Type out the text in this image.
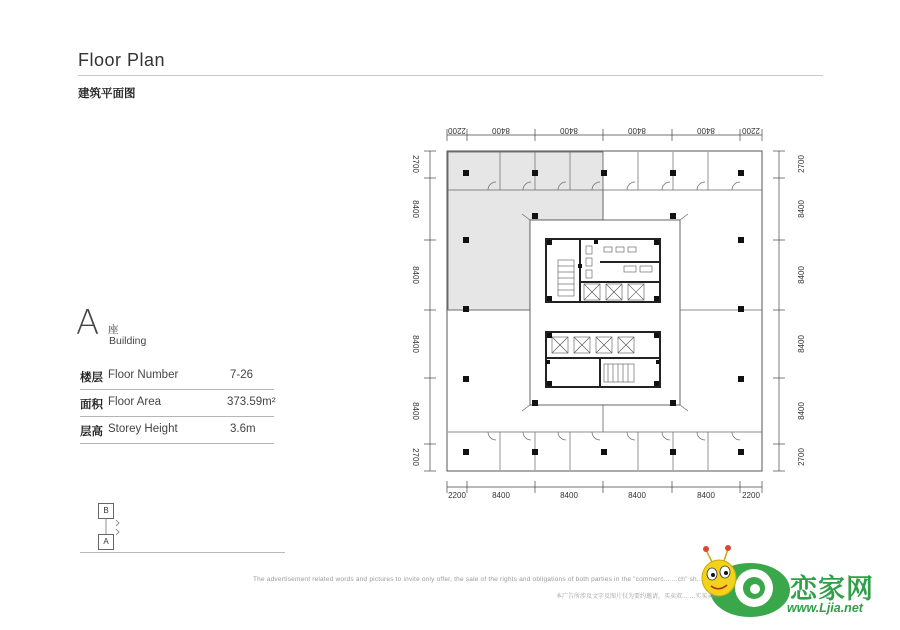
Floor Plan
建筑平面图
A 座
Building
楼层 Floor Number	7-26
面积 Floor Area	373.59m²
层高 Storey Height	3.6m
B
A
2200	8400	8400	8400	8400	2200
2200	8400	8400	8400	8400	2200
2700
8400
8400
8400
8400
2700
2700
8400
8400
8400
8400
2700
The advertisement related words and pictures to invite only offer, the sale of the rights and obligations of both parties in the "commerc... ...ch" sh...
本广告所涉及文字及图片仅为要约邀请，买卖双... ...实买卖...	恋家网
www.Ljia.net
